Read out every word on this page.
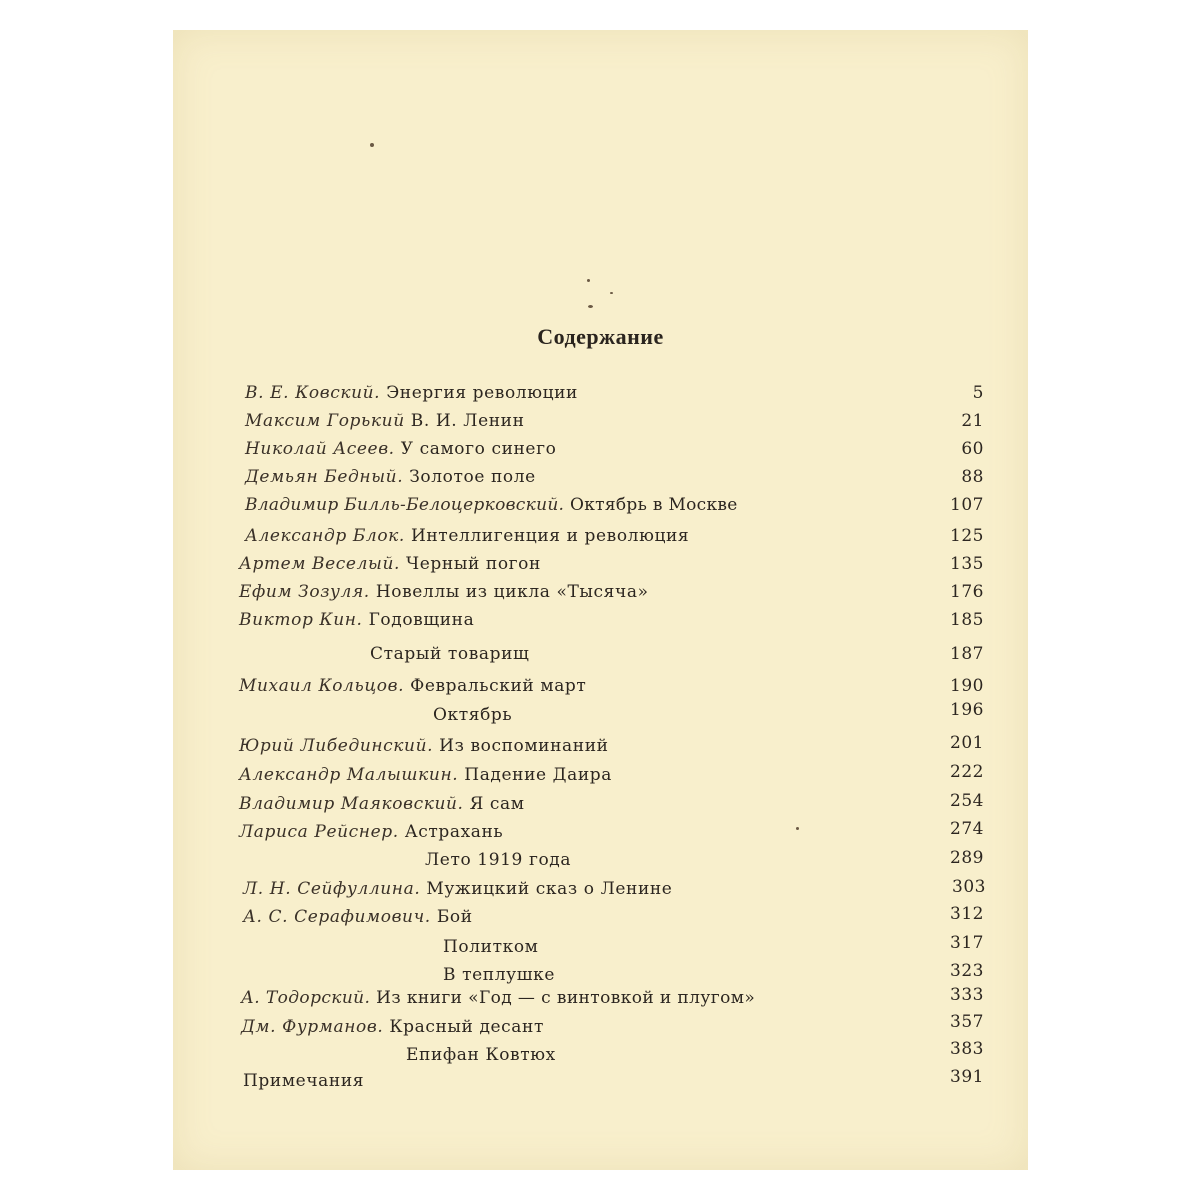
Содержание
В. Е. Ковский. Энергия революции	5
Максим Горький В. И. Ленин	21
Николай Асеев. У самого синего	60
Демьян Бедный. Золотое поле	88
Владимир Билль-Белоцерковский. Октябрь в Москве	107
Александр Блок. Интеллигенция и революция	125
Артем Веселый. Черный погон	135
Ефим Зозуля. Новеллы из цикла «Тысяча»	176
Виктор Кин. Годовщина	185
Старый товарищ	187
Михаил Кольцов. Февральский март	190
Октябрь	196
Юрий Либединский. Из воспоминаний	201
Александр Малышкин. Падение Даира	222
Владимир Маяковский. Я сам	254
Лариса Рейснер. Астрахань	274
Лето 1919 года	289
Л. Н. Сейфуллина. Мужицкий сказ о Ленине	303
А. С. Серафимович. Бой	312
Политком	317
В теплушке	323
А. Тодорский. Из книги «Год — с винтовкой и плугом»	333
Дм. Фурманов. Красный десант	357
Епифан Ковтюх	383
Примечания	391
